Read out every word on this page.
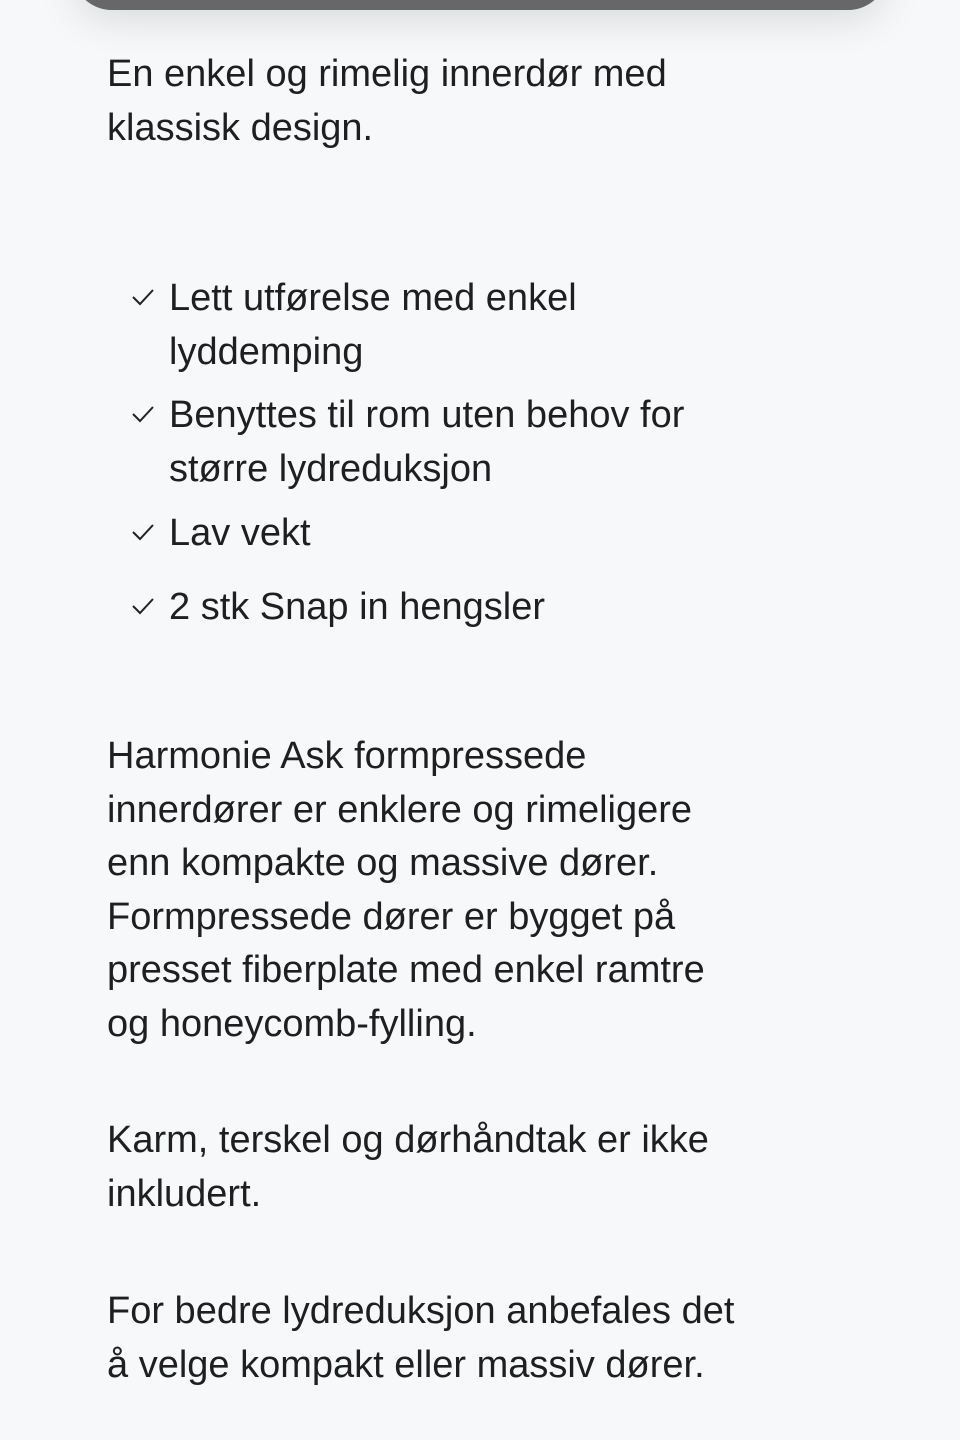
En enkel og rimelig innerdør med
klassisk design.
Lett utførelse med enkel
lyddemping
Benyttes til rom uten behov for
større lydreduksjon
Lav vekt
2 stk Snap in hengsler
Harmonie Ask formpressede
innerdører er enklere og rimeligere
enn kompakte og massive dører.
Formpressede dører er bygget på
presset fiberplate med enkel ramtre
og honeycomb-fylling.
Karm, terskel og dørhåndtak er ikke
inkludert.
For bedre lydreduksjon anbefales det
å velge kompakt eller massiv dører.
